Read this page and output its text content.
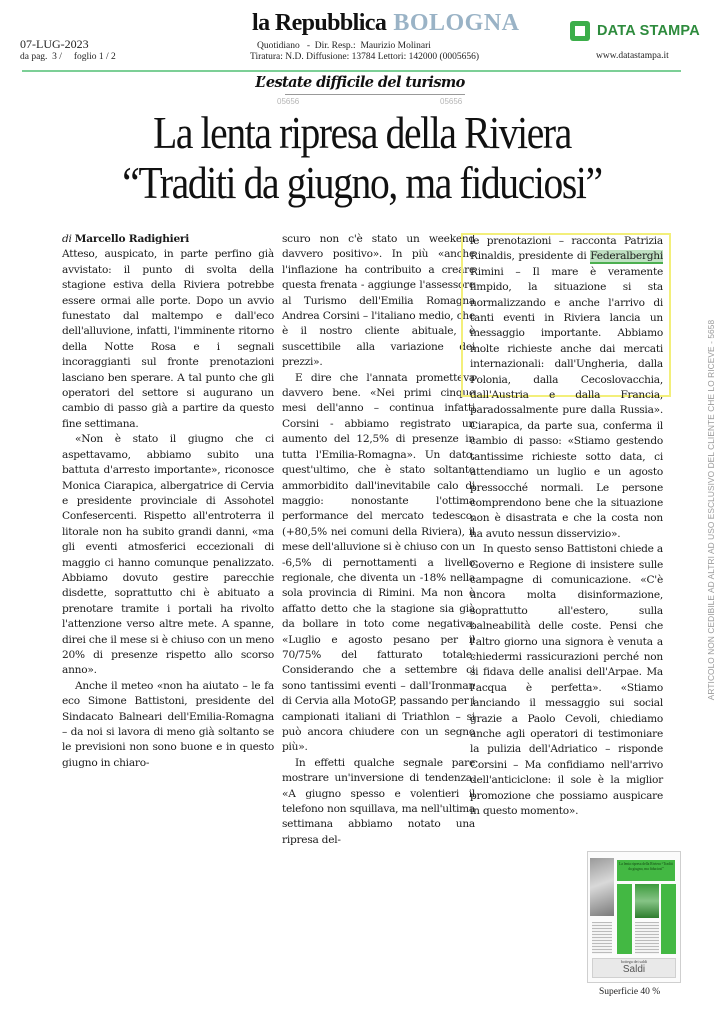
07-LUG-2023
da pag.  3 /     foglio 1 / 2
la Repubblica BOLOGNA
Quotidiano   -  Dir. Resp.:  Maurizio Molinari
Tiratura: N.D. Diffusione: 13784 Lettori: 142000 (0005656)
DATA STAMPA
www.datastampa.it
L’estate difficile del turismo
05656	05656
La lenta ripresa della Riviera
“Traditi da giugno, ma fiduciosi”

di Marcello Radighieri

Atteso, auspicato, in parte perfino già avvistato: il punto di svolta della stagione estiva della Riviera potrebbe essere ormai alle porte. Dopo un avvio funestato dal maltempo e dall'eco dell'alluvione, infatti, l'imminente ritorno della Notte Rosa e i segnali incoraggianti sul fronte prenotazioni lasciano ben sperare. A tal punto che gli operatori del settore si augurano un cambio di passo già a partire da questo fine settimana.

«Non è stato il giugno che ci aspettavamo, abbiamo subito una battuta d'arresto importante», riconosce Monica Ciarapica, albergatrice di Cervia e presidente provinciale di Assohotel Confesercenti. Rispetto all'entroterra il litorale non ha subito grandi danni, «ma gli eventi atmosferici eccezionali di maggio ci hanno comunque penalizzato. Abbiamo dovuto gestire parecchie disdette, soprattutto chi è abituato a prenotare tramite i portali ha rivolto l'attenzione verso altre mete. A spanne, direi che il mese si è chiuso con un meno 20% di presenze rispetto allo scorso anno».

Anche il meteo «non ha aiutato – le fa eco Simone Battistoni, presidente del Sindacato Balneari dell'Emilia-Romagna – da noi si lavora di meno già soltanto se le previsioni non sono buone e in questo giugno in chiaro-

scuro non c'è stato un weekend davvero positivo». In più «anche l'inflazione ha contribuito a creare questa frenata - aggiunge l'assessore al Turismo dell'Emilia Romagna Andrea Corsini – l'italiano medio, che è il nostro cliente abituale, è suscettibile alla variazione dei prezzi».

E dire che l'annata prometteva davvero bene. «Nei primi cinque mesi dell'anno – continua infatti Corsini - abbiamo registrato un aumento del 12,5% di presenze in tutta l'Emilia-Romagna». Un dato, quest'ultimo, che è stato soltanto ammorbidito dall'inevitabile calo di maggio: nonostante l'ottima performance del mercato tedesco, (+80,5% nei comuni della Riviera), il mese dell'alluvione si è chiuso con un -6,5% di pernottamenti a livello regionale, che diventa un -18% nella sola provincia di Rimini. Ma non è affatto detto che la stagione sia già da bollare in toto come negativa: «Luglio e agosto pesano per il 70/75% del fatturato totale. Considerando che a settembre ci sono tantissimi eventi – dall'Ironman di Cervia alla MotoGP, passando per i campionati italiani di Triathlon – si può ancora chiudere con un segno più».

In effetti qualche segnale pare mostrare un'inversione di tendenza. «A giugno spesso e volentieri il telefono non squillava, ma nell'ultima settimana abbiamo notato una ripresa del-

le prenotazioni – racconta Patrizia Rinaldis, presidente di Federalberghi Rimini – Il mare è veramente limpido, la situazione si sta normalizzando e anche l'arrivo di tanti eventi in Riviera lancia un messaggio importante. Abbiamo molte richieste anche dai mercati internazionali: dall'Ungheria, dalla Polonia, dalla Cecoslovacchia, dall'Austria e dalla Francia, paradossalmente pure dalla Russia». Ciarapica, da parte sua, conferma il cambio di passo: «Stiamo gestendo tantissime richieste sotto data, ci attendiamo un luglio e un agosto pressocché normali. Le persone comprendono bene che la situazione non è disastrata e che la costa non ha avuto nessun disservizio».

In questo senso Battistoni chiede a Governo e Regione di insistere sulle campagne di comunicazione. «C'è ancora molta disinformazione, soprattutto all'estero, sulla balneabilità delle coste. Pensi che l'altro giorno una signora è venuta a chiedermi rassicurazioni perché non si fidava delle analisi dell'Arpae. Ma l'acqua è perfetta». «Stiamo lanciando il messaggio sui social grazie a Paolo Cevoli, chiediamo anche agli operatori di testimoniare la pulizia dell'Adriatico – risponde Corsini – Ma confidiamo nell'arrivo dell'anticiclone: il sole è la miglior promozione che possiamo auspicare in questo momento».

ARTICOLO NON CEDIBILE AD ALTRI AD USO ESCLUSIVO DEL CLIENTE CHE LO RICEVE - 5658
La lenta ripresa della Riviera “Traditi da giugno, ma fiduciosi”
bottega dei saldi
Saldi
Superficie 40 %
